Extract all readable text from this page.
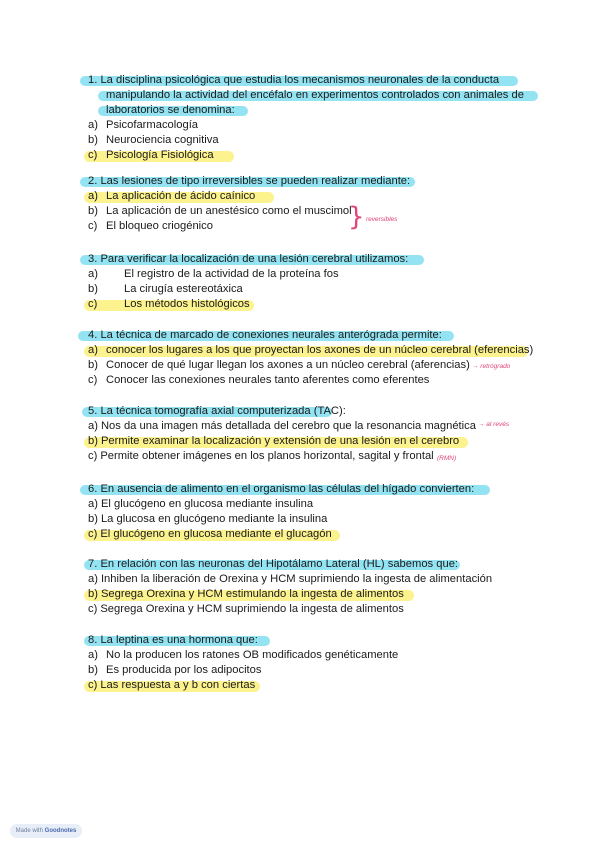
1. La disciplina psicológica que estudia los mecanismos neuronales de la conducta
manipulando la actividad del encéfalo en experimentos controlados con animales de
laboratorios se denomina:
a) Psicofarmacología
b) Neurociencia cognitiva
c) Psicología Fisiológica
2. Las lesiones de tipo irreversibles se pueden realizar mediante:
a) La aplicación de ácido caínico
b) La aplicación de un anestésico como el muscimol
c) El bloqueo criogénico	} reversibles
3. Para verificar la localización de una lesión cerebral utilizamos:
a) El registro de la actividad de la proteína fos
b) La cirugía estereotáxica
c) Los métodos histológicos
4. La técnica de marcado de conexiones neurales anterógrada permite:
a) conocer los lugares a los que proyectan los axones de un núcleo cerebral (eferencias)
b) Conocer de qué lugar llegan los axones a un núcleo cerebral (aferencias)
c) Conocer las conexiones neurales tanto aferentes como eferentes
→ retrógrado
5. La técnica tomografía axial computerizada (TAC):
a) Nos da una imagen más detallada del cerebro que la resonancia magnética
b) Permite examinar la localización y extensión de una lesión en el cerebro
c) Permite obtener imágenes en los planos horizontal, sagital y frontal
→ al revés
(RMN)
6. En ausencia de alimento en el organismo las células del hígado convierten:
a) El glucógeno en glucosa mediante insulina
b) La glucosa en glucógeno mediante la insulina
c) El glucógeno en glucosa mediante el glucagón
7. En relación con las neuronas del Hipotálamo Lateral (HL) sabemos que:
a) Inhiben la liberación de Orexina y HCM suprimiendo la ingesta de alimentación
b) Segrega Orexina y HCM estimulando la ingesta de alimentos
c) Segrega Orexina y HCM suprimiendo la ingesta de alimentos
8. La leptina es una hormona que:
a) No la producen los ratones OB modificados genéticamente
b) Es producida por los adipocitos
c) Las respuesta a y b con ciertas
Made with Goodnotes
